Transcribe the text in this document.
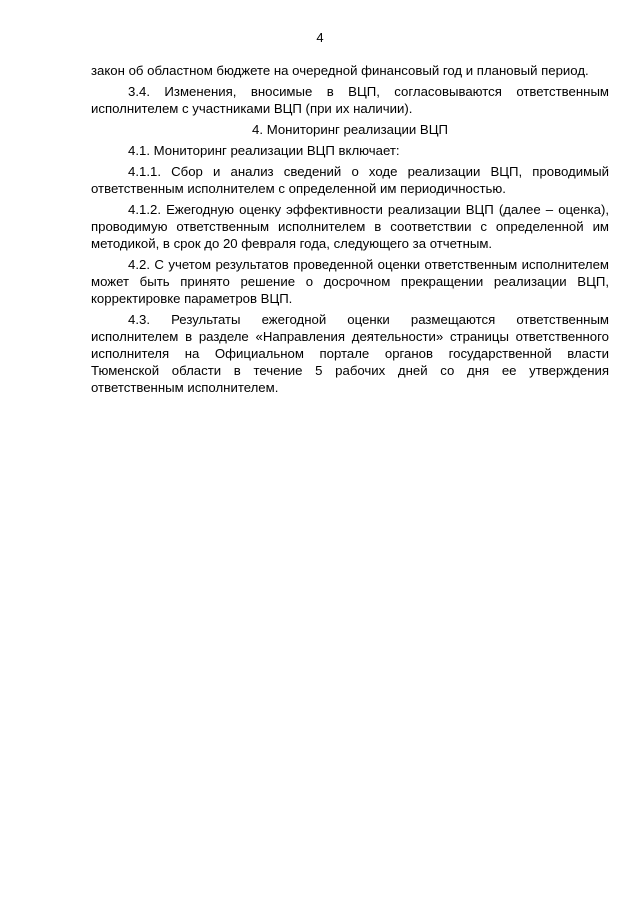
4

закон об областном бюджете на очередной финансовый год и плановый период.

3.4. Изменения, вносимые в ВЦП, согласовываются ответственным исполнителем с участниками ВЦП (при их наличии).

4. Мониторинг реализации ВЦП

4.1. Мониторинг реализации ВЦП включает:

4.1.1. Сбор и анализ сведений о ходе реализации ВЦП, проводимый ответственным исполнителем с определенной им периодичностью.

4.1.2. Ежегодную оценку эффективности реализации ВЦП (далее – оценка), проводимую ответственным исполнителем в соответствии с определенной им методикой, в срок до 20 февраля года, следующего за отчетным.

4.2. С учетом результатов проведенной оценки ответственным исполнителем может быть принято решение о досрочном прекращении реализации ВЦП, корректировке параметров ВЦП.

4.3. Результаты ежегодной оценки размещаются ответственным исполнителем в разделе «Направления деятельности» страницы ответственного исполнителя на Официальном портале органов государственной власти Тюменской области в течение 5 рабочих дней со дня ее утверждения ответственным исполнителем.
